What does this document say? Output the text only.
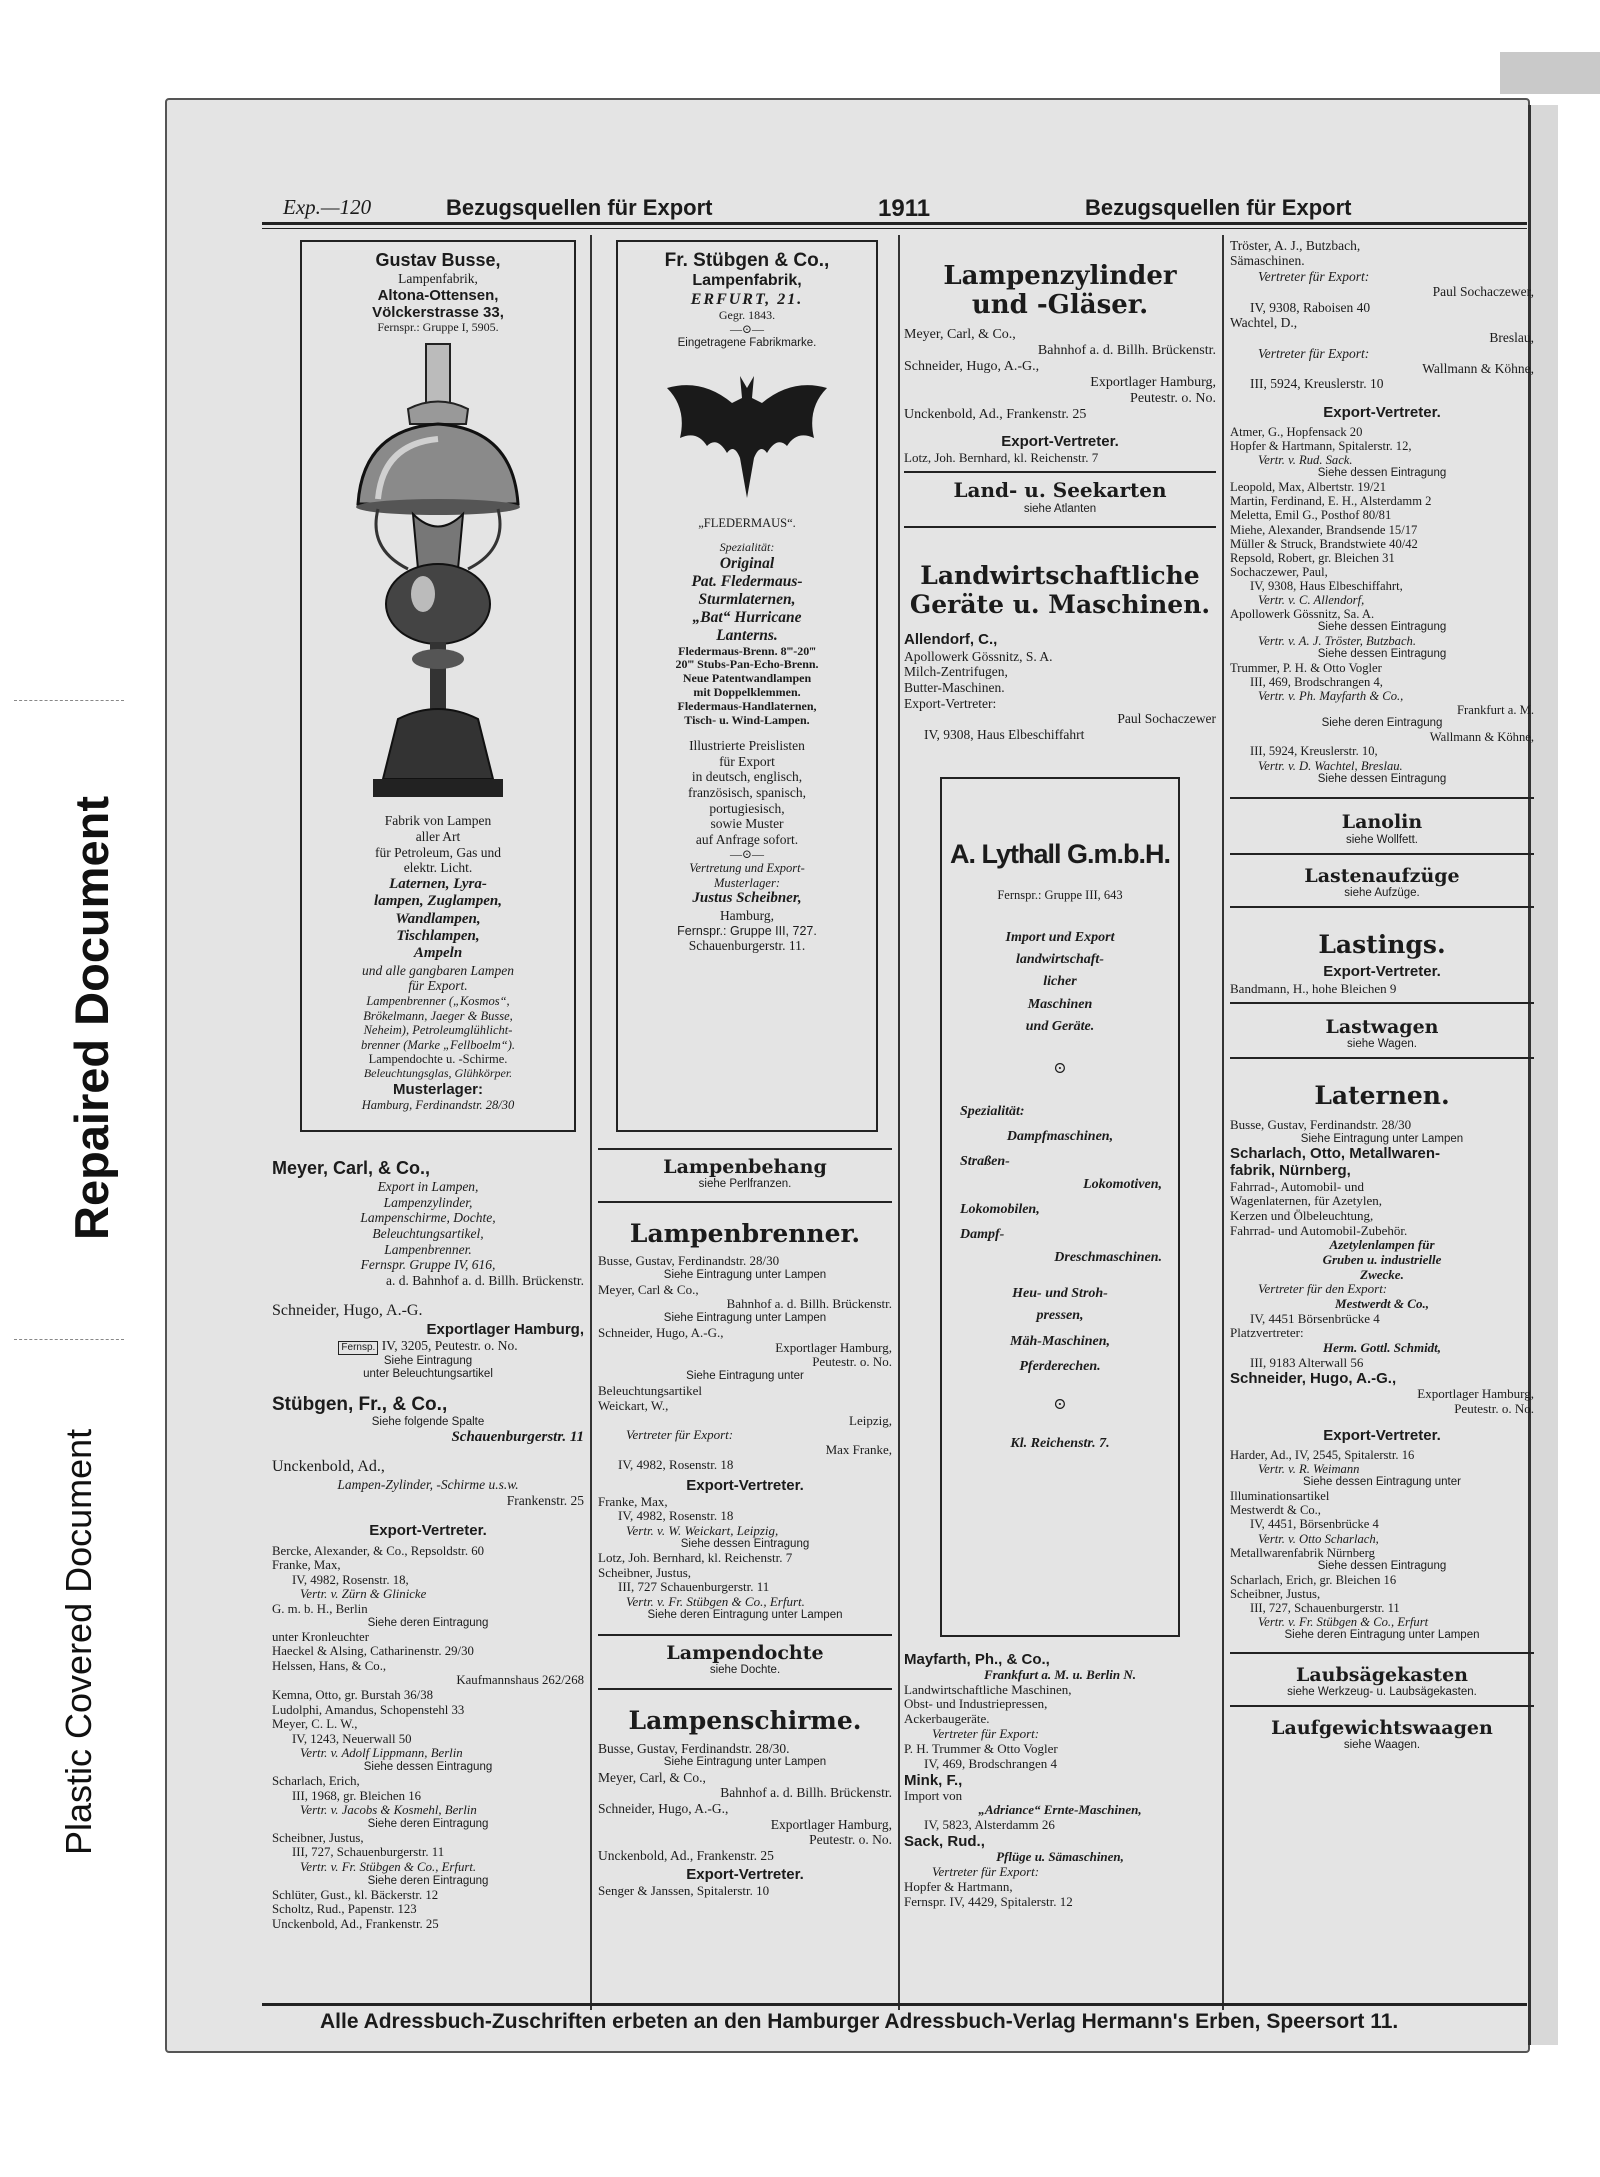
Plastic Covered Document
Repaired Document
Exp.—120	Bezugsquellen für Export	1911	Bezugsquellen für Export
Gustav Busse,
Lampenfabrik,
Altona-Ottensen,
Völckerstrasse 33,
Fernspr.: Gruppe I, 5905.
Fabrik von Lampen
aller Art
für Petroleum, Gas und
elektr. Licht.
Laternen, Lyra-
lampen, Zuglampen,
Wandlampen,
Tischlampen,
Ampeln
und alle gangbaren Lampen
für Export.
Lampenbrenner („Kosmos“,
Brökelmann, Jaeger & Busse,
Neheim), Petroleumglühlicht-
brenner (Marke „Fellboelm“).
Lampendochte u. -Schirme.
Beleuchtungsglas, Glühkörper.
Musterlager:
Hamburg, Ferdinandstr. 28/30
Meyer, Carl, & Co.,
Export in Lampen,
Lampenzylinder,
Lampenschirme, Dochte,
Beleuchtungsartikel,
Lampenbrenner.
Fernspr. Gruppe IV, 616,
a. d. Bahnhof a. d. Billh. Brückenstr.
Schneider, Hugo, A.-G.
Exportlager Hamburg,
Fernsp. IV, 3205, Peutestr. o. No.
Siehe Eintragung
unter Beleuchtungsartikel
Stübgen, Fr., & Co.,
Siehe folgende Spalte
Schauenburgerstr. 11
Unckenbold, Ad.,
Lampen-Zylinder, -Schirme u.s.w.
Frankenstr. 25
Export-Vertreter.
Bercke, Alexander, & Co., Repsoldstr. 60
Franke, Max,
IV, 4982, Rosenstr. 18,
Vertr. v. Zürn & Glinicke
G. m. b. H., Berlin
Siehe deren Eintragung
unter Kronleuchter
Haeckel & Alsing, Catharinenstr. 29/30
Helssen, Hans, & Co.,
Kaufmannshaus 262/268
Kemna, Otto, gr. Burstah 36/38
Ludolphi, Amandus, Schopenstehl 33
Meyer, C. L. W.,
IV, 1243, Neuerwall 50
Vertr. v. Adolf Lippmann, Berlin
Siehe dessen Eintragung
Scharlach, Erich,
III, 1968, gr. Bleichen 16
Vertr. v. Jacobs & Kosmehl, Berlin
Siehe deren Eintragung
Scheibner, Justus,
III, 727, Schauenburgerstr. 11
Vertr. v. Fr. Stübgen & Co., Erfurt.
Siehe deren Eintragung
Schlüter, Gust., kl. Bäckerstr. 12
Scholtz, Rud., Papenstr. 123
Unckenbold, Ad., Frankenstr. 25
Fr. Stübgen & Co.,
Lampenfabrik,
ERFURT, 21.
Gegr. 1843.
—⊙—
Eingetragene Fabrikmarke.
„FLEDERMAUS“.
Spezialität:
Original
Pat. Fledermaus-
Sturmlaternen,
„Bat“ Hurricane
Lanterns.
Fledermaus-Brenn. 8‴-20‴
20‴ Stubs-Pan-Echo-Brenn.
Neue Patentwandlampen
mit Doppelklemmen.
Fledermaus-Handlaternen,
Tisch- u. Wind-Lampen.
Illustrierte Preislisten
für Export
in deutsch, englisch,
französisch, spanisch,
portugiesisch,
sowie Muster
auf Anfrage sofort.
—⊙—
Vertretung und Export-
Musterlager:
Justus Scheibner,
Hamburg,
Fernspr.: Gruppe III, 727.
Schauenburgerstr. 11.
Lampenbehang
siehe Perlfranzen.
Lampenbrenner.
Busse, Gustav, Ferdinandstr. 28/30
Siehe Eintragung unter Lampen
Meyer, Carl & Co.,
Bahnhof a. d. Billh. Brückenstr.
Siehe Eintragung unter Lampen
Schneider, Hugo, A.-G.,
Exportlager Hamburg,
Peutestr. o. No.
Siehe Eintragung unter
Beleuchtungsartikel
Weickart, W.,
Leipzig,
Vertreter für Export:
Max Franke,
IV, 4982, Rosenstr. 18
Export-Vertreter.
Franke, Max,
IV, 4982, Rosenstr. 18
Vertr. v. W. Weickart, Leipzig,
Siehe dessen Eintragung
Lotz, Joh. Bernhard, kl. Reichenstr. 7
Scheibner, Justus,
III, 727 Schauenburgerstr. 11
Vertr. v. Fr. Stübgen & Co., Erfurt.
Siehe deren Eintragung unter Lampen
Lampendochte
siehe Dochte.
Lampenschirme.
Busse, Gustav, Ferdinandstr. 28/30.
Siehe Eintragung unter Lampen
Meyer, Carl, & Co.,
Bahnhof a. d. Billh. Brückenstr.
Schneider, Hugo, A.-G.,
Exportlager Hamburg,
Peutestr. o. No.
Unckenbold, Ad., Frankenstr. 25
Export-Vertreter.
Senger & Janssen, Spitalerstr. 10
Lampenzylinder
und -Gläser.
Meyer, Carl, & Co.,
Bahnhof a. d. Billh. Brückenstr.
Schneider, Hugo, A.-G.,
Exportlager Hamburg,
Peutestr. o. No.
Unckenbold, Ad., Frankenstr. 25
Export-Vertreter.
Lotz, Joh. Bernhard, kl. Reichenstr. 7
Land- u. Seekarten
siehe Atlanten
Landwirtschaftliche
Geräte u. Maschinen.
Allendorf, C.,
Apollowerk Gössnitz, S. A.
Milch-Zentrifugen,
Butter-Maschinen.
Export-Vertreter:
Paul Sochaczewer
IV, 9308, Haus Elbeschiffahrt
A. Lythall G.m.b.H.
Fernspr.: Gruppe III, 643
Import und Export
landwirtschaft-
licher
Maschinen
und Geräte.
⊙
Spezialität:
Dampfmaschinen,
Straßen-
Lokomotiven,
Lokomobilen,
Dampf-
Dreschmaschinen.
Heu- und Stroh-
pressen,
Mäh-Maschinen,
Pferderechen.
⊙
Kl. Reichenstr. 7.
Mayfarth, Ph., & Co.,
Frankfurt a. M. u. Berlin N.
Landwirtschaftliche Maschinen,
Obst- und Industriepressen,
Ackerbaugeräte.
Vertreter für Export:
P. H. Trummer & Otto Vogler
IV, 469, Brodschrangen 4
Mink, F.,
Import von
„Adriance“ Ernte-Maschinen,
IV, 5823, Alsterdamm 26
Sack, Rud.,
Pflüge u. Sämaschinen,
Vertreter für Export:
Hopfer & Hartmann,
Fernspr. IV, 4429, Spitalerstr. 12
Tröster, A. J., Butzbach,
Sämaschinen.
Vertreter für Export:
Paul Sochaczewer,
IV, 9308, Raboisen 40
Wachtel, D.,
Breslau,
Vertreter für Export:
Wallmann & Köhne,
III, 5924, Kreuslerstr. 10
Export-Vertreter.
Atmer, G., Hopfensack 20
Hopfer & Hartmann, Spitalerstr. 12,
Vertr. v. Rud. Sack.
Siehe dessen Eintragung
Leopold, Max, Albertstr. 19/21
Martin, Ferdinand, E. H., Alsterdamm 2
Meletta, Emil G., Posthof 80/81
Miehe, Alexander, Brandsende 15/17
Müller & Struck, Brandstwiete 40/42
Repsold, Robert, gr. Bleichen 31
Sochaczewer, Paul,
IV, 9308, Haus Elbeschiffahrt,
Vertr. v. C. Allendorf,
Apollowerk Gössnitz, Sa. A.
Siehe dessen Eintragung
Vertr. v. A. J. Tröster, Butzbach.
Siehe dessen Eintragung
Trummer, P. H. & Otto Vogler
III, 469, Brodschrangen 4,
Vertr. v. Ph. Mayfarth & Co.,
Frankfurt a. M.
Siehe deren Eintragung
Wallmann & Köhne,
III, 5924, Kreuslerstr. 10,
Vertr. v. D. Wachtel, Breslau.
Siehe dessen Eintragung
Lanolin
siehe Wollfett.
Lastenaufzüge
siehe Aufzüge.
Lastings.
Export-Vertreter.
Bandmann, H., hohe Bleichen 9
Lastwagen
siehe Wagen.
Laternen.
Busse, Gustav, Ferdinandstr. 28/30
Siehe Eintragung unter Lampen
Scharlach, Otto, Metallwaren-
fabrik, Nürnberg,
Fahrrad-, Automobil- und
Wagenlaternen, für Azetylen,
Kerzen und Ölbeleuchtung,
Fahrrad- und Automobil-Zubehör.
Azetylenlampen für
Gruben u. industrielle
Zwecke.
Vertreter für den Export:
Mestwerdt & Co.,
IV, 4451 Börsenbrücke 4
Platzvertreter:
Herm. Gottl. Schmidt,
III, 9183 Alterwall 56
Schneider, Hugo, A.-G.,
Exportlager Hamburg,
Peutestr. o. No.
Export-Vertreter.
Harder, Ad., IV, 2545, Spitalerstr. 16
Vertr. v. R. Weimann
Siehe dessen Eintragung unter
Illuminationsartikel
Mestwerdt & Co.,
IV, 4451, Börsenbrücke 4
Vertr. v. Otto Scharlach,
Metallwarenfabrik Nürnberg
Siehe dessen Eintragung
Scharlach, Erich, gr. Bleichen 16
Scheibner, Justus,
III, 727, Schauenburgerstr. 11
Vertr. v. Fr. Stübgen & Co., Erfurt
Siehe deren Eintragung unter Lampen
Laubsägekasten
siehe Werkzeug- u. Laubsägekasten.
Laufgewichtswaagen
siehe Waagen.
Alle Adressbuch-Zuschriften erbeten an den Hamburger Adressbuch-Verlag Hermann's Erben, Speersort 11.
